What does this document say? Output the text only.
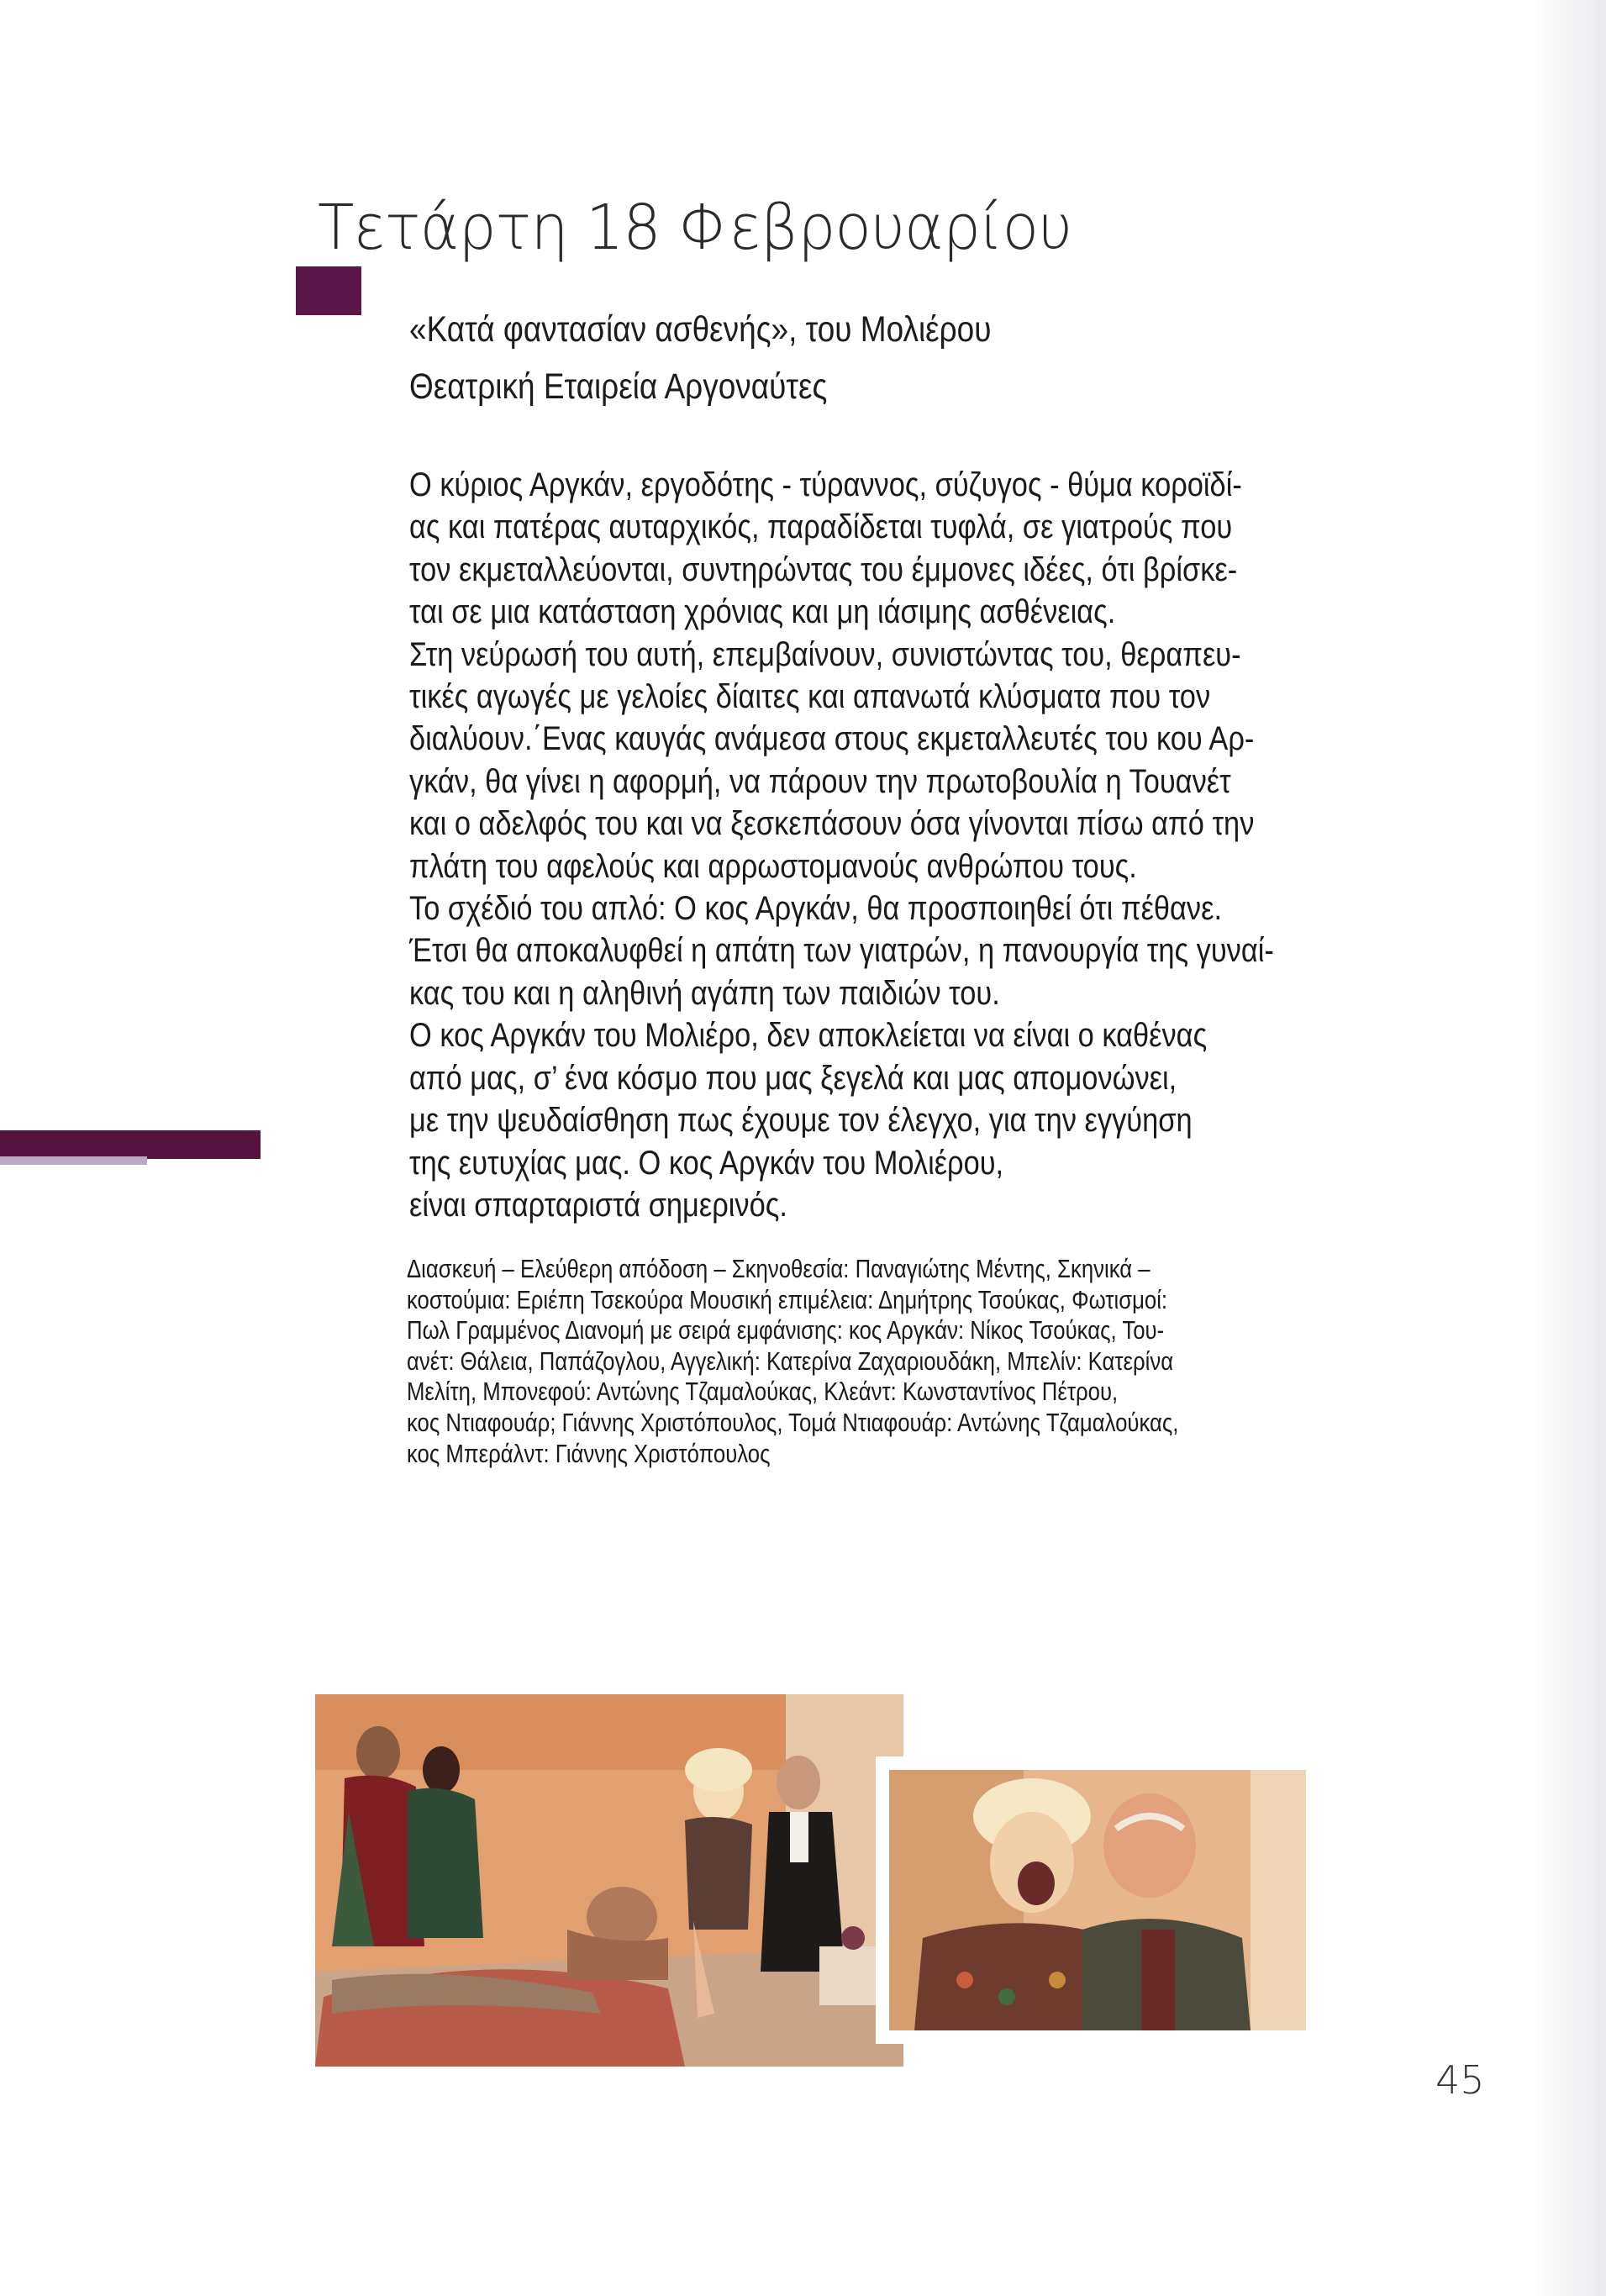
Τετάρτη 18 Φεβρουαρίου
«Κατά φαντασίαν ασθενής», του Μολιέρου
Θεατρική Εταιρεία Αργοναύτες
Ο κύριος Αργκάν, εργοδότης - τύραννος, σύζυγος - θύμα κοροϊδί-
ας και πατέρας αυταρχικός, παραδίδεται τυφλά, σε γιατρούς που
τον εκμεταλλεύονται, συντηρώντας του έμμονες ιδέες, ότι βρίσκε-
ται σε μια κατάσταση χρόνιας και μη ιάσιμης ασθένειας.
Στη νεύρωσή του αυτή, επεμβαίνουν, συνιστώντας του, θεραπευ-
τικές αγωγές με γελοίες δίαιτες και απανωτά κλύσματα που τον
διαλύουν.΄Ενας καυγάς ανάμεσα στους εκμεταλλευτές του κου Αρ-
γκάν, θα γίνει η αφορμή, να πάρουν την πρωτοβουλία η Τουανέτ
και ο αδελφός του και να ξεσκεπάσουν όσα γίνονται πίσω από την
πλάτη του αφελούς και αρρωστομανούς ανθρώπου τους.
Το σχέδιό του απλό: Ο κος Αργκάν, θα προσποιηθεί ότι πέθανε.
Έτσι θα αποκαλυφθεί η απάτη των γιατρών, η πανουργία της γυναί-
κας του και η αληθινή αγάπη των παιδιών του.
Ο κος Αργκάν του Μολιέρο, δεν αποκλείεται να είναι ο καθένας
από μας, σ’ ένα κόσμο που μας ξεγελά και μας απομονώνει,
με την ψευδαίσθηση πως έχουμε τον έλεγχο, για την εγγύηση
της ευτυχίας μας. Ο κος Αργκάν του Μολιέρου,
είναι σπαρταριστά σημερινός.
Διασκευή – Ελεύθερη απόδοση – Σκηνοθεσία: Παναγιώτης Μέντης, Σκηνικά –
κοστούμια: Εριέπη Τσεκούρα Μουσική επιμέλεια: Δημήτρης Τσούκας, Φωτισμοί:
Πωλ Γραμμένος Διανομή με σειρά εμφάνισης: κος Αργκάν: Νίκος Τσούκας, Του-
ανέτ: Θάλεια, Παπάζογλου, Αγγελική: Κατερίνα Ζαχαριουδάκη, Μπελίν: Κατερίνα
Μελίτη, Μπονεφού: Αντώνης Τζαμαλούκας, Κλεάντ: Κωνσταντίνος Πέτρου,
κος Ντιαφουάρ; Γιάννης Χριστόπουλος, Τομά Ντιαφουάρ: Αντώνης Τζαμαλούκας,
κος Μπεράλντ: Γιάννης Χριστόπουλος
45
